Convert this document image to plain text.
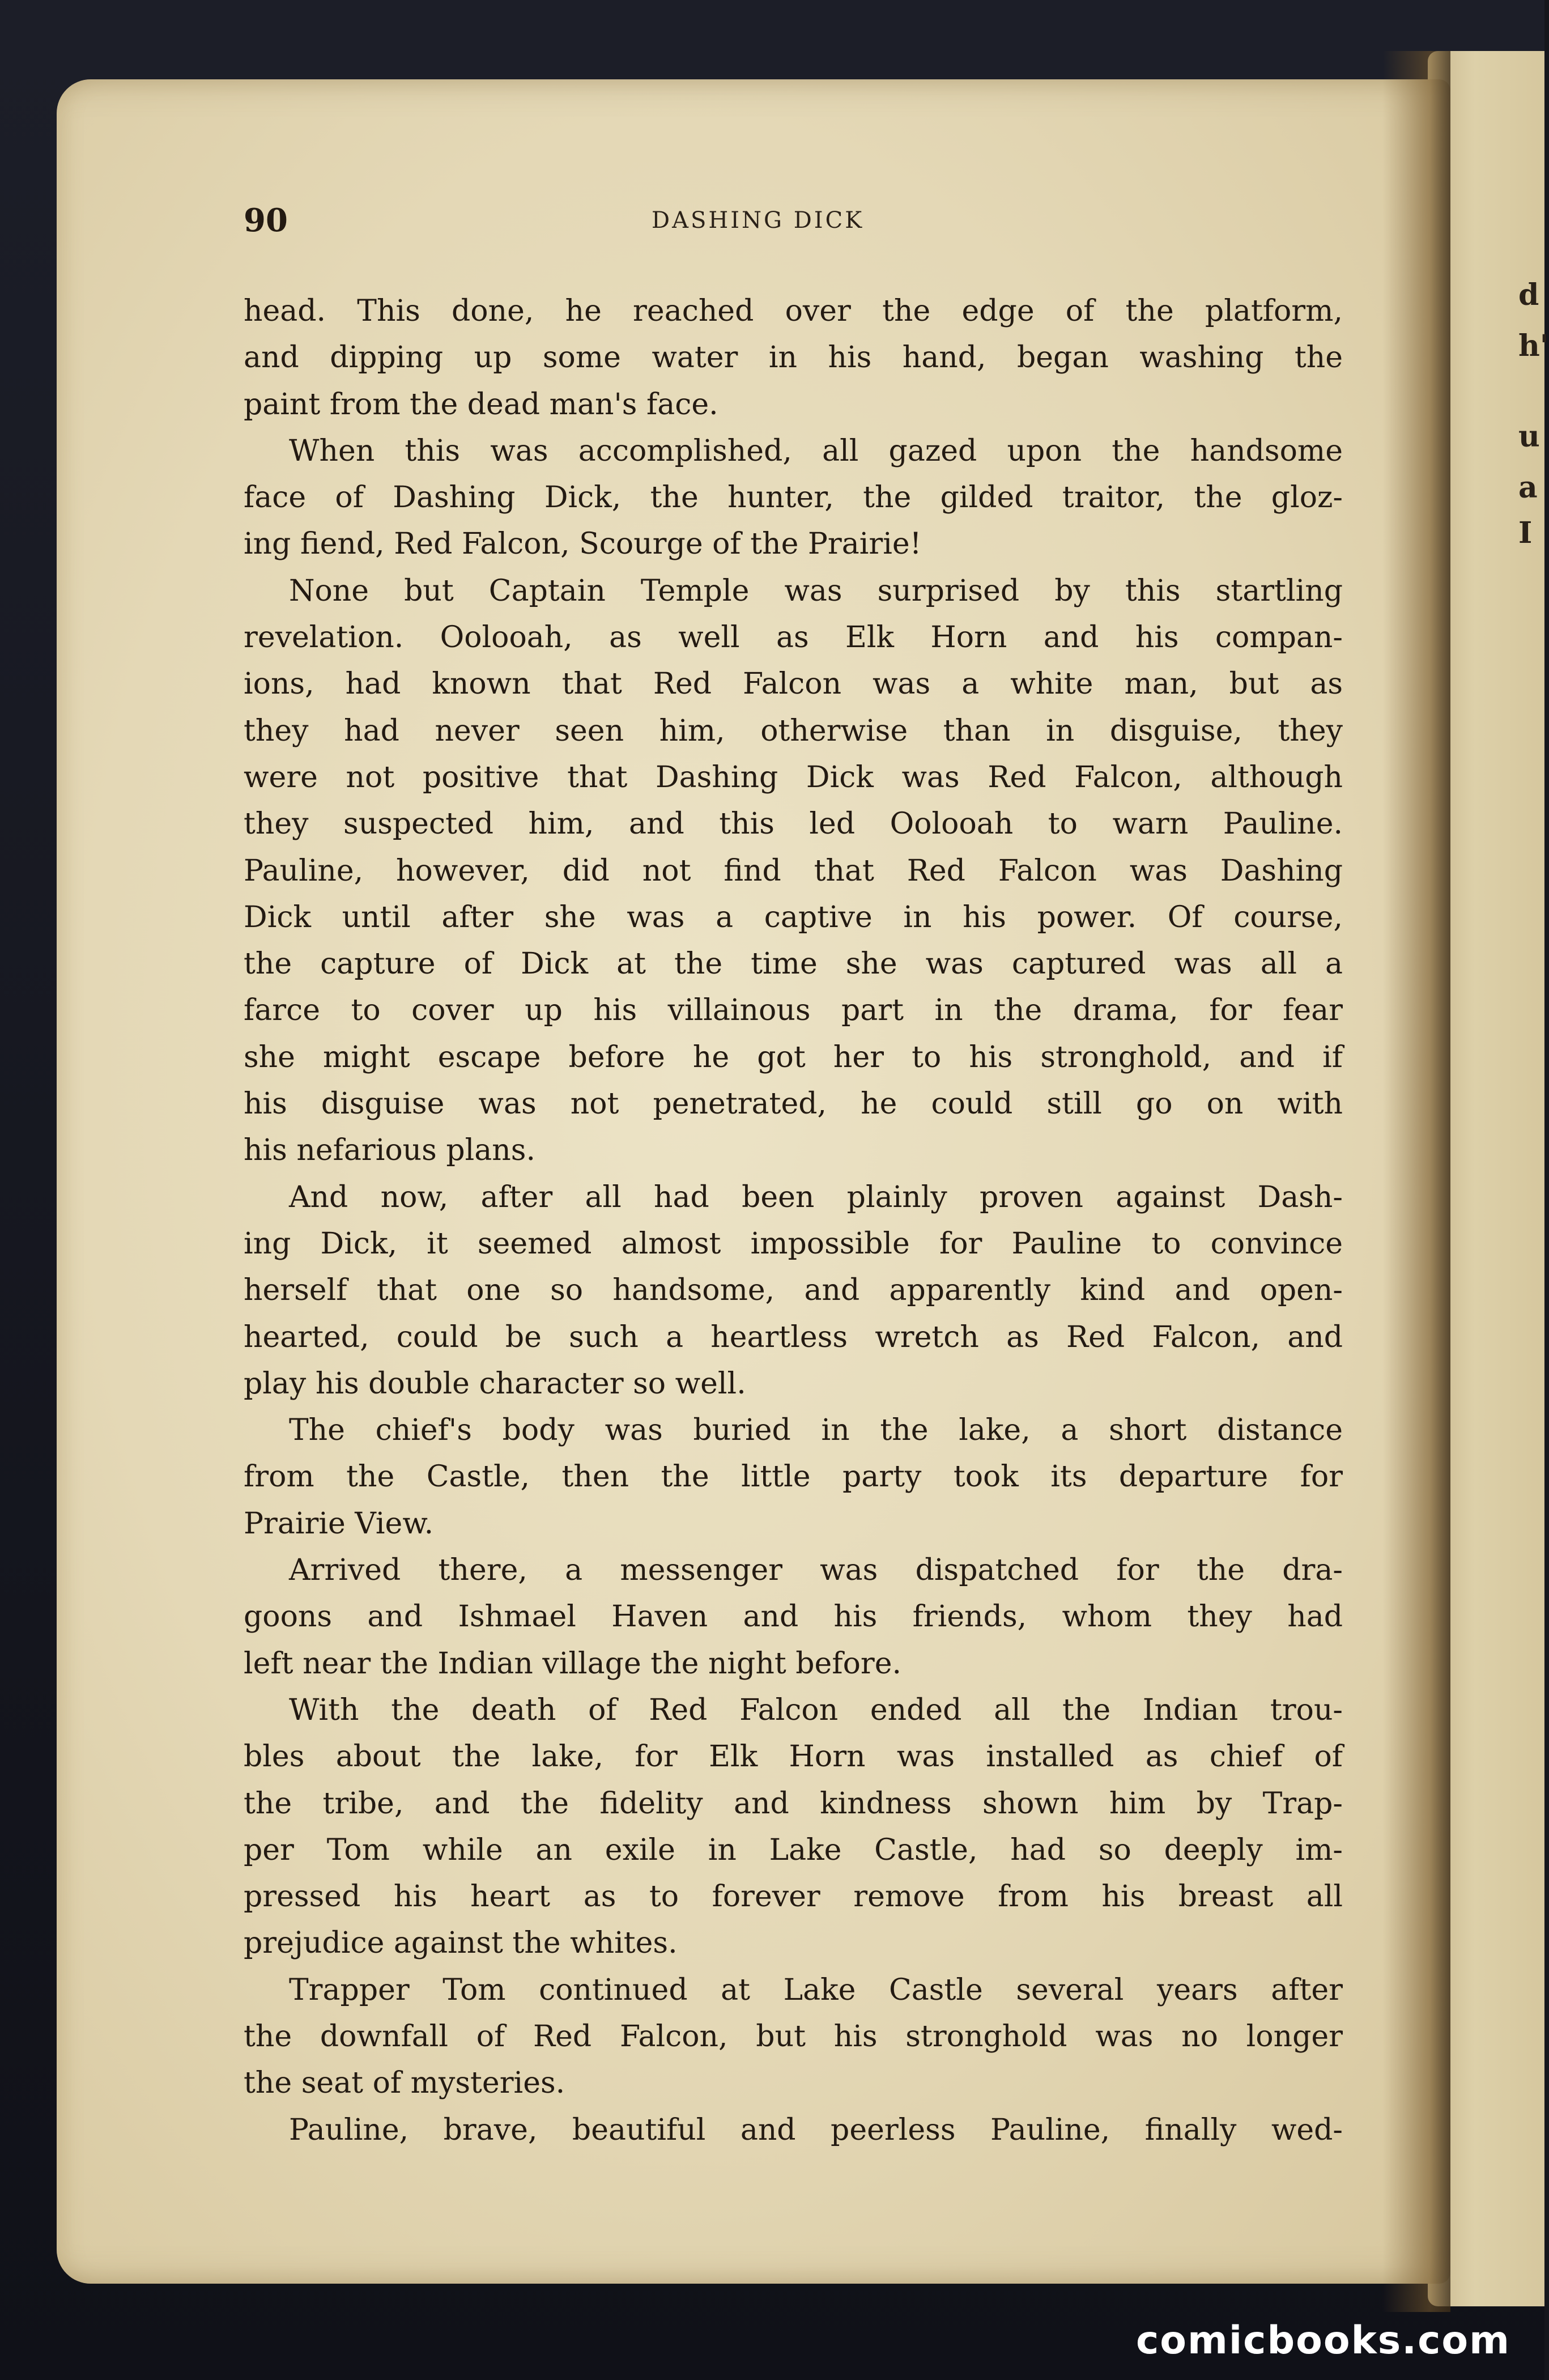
d
h'
u
a
I
90	DASHING DICK
head. This done, he reached over the edge of the platform,
and dipping up some water in his hand, began washing the
paint from the dead man's face.
When this was accomplished, all gazed upon the handsome
face of Dashing Dick, the hunter, the gilded traitor, the gloz-
ing fiend, Red Falcon, Scourge of the Prairie!
None but Captain Temple was surprised by this startling
revelation. Oolooah, as well as Elk Horn and his compan-
ions, had known that Red Falcon was a white man, but as
they had never seen him, otherwise than in disguise, they
were not positive that Dashing Dick was Red Falcon, although
they suspected him, and this led Oolooah to warn Pauline.
Pauline, however, did not find that Red Falcon was Dashing
Dick until after she was a captive in his power. Of course,
the capture of Dick at the time she was captured was all a
farce to cover up his villainous part in the drama, for fear
she might escape before he got her to his stronghold, and if
his disguise was not penetrated, he could still go on with
his nefarious plans.
And now, after all had been plainly proven against Dash-
ing Dick, it seemed almost impossible for Pauline to convince
herself that one so handsome, and apparently kind and open-
hearted, could be such a heartless wretch as Red Falcon, and
play his double character so well.
The chief's body was buried in the lake, a short distance
from the Castle, then the little party took its departure for
Prairie View.
Arrived there, a messenger was dispatched for the dra-
goons and Ishmael Haven and his friends, whom they had
left near the Indian village the night before.
With the death of Red Falcon ended all the Indian trou-
bles about the lake, for Elk Horn was installed as chief of
the tribe, and the fidelity and kindness shown him by Trap-
per Tom while an exile in Lake Castle, had so deeply im-
pressed his heart as to forever remove from his breast all
prejudice against the whites.
Trapper Tom continued at Lake Castle several years after
the downfall of Red Falcon, but his stronghold was no longer
the seat of mysteries.
Pauline, brave, beautiful and peerless Pauline, finally wed-
comicbooks.com
